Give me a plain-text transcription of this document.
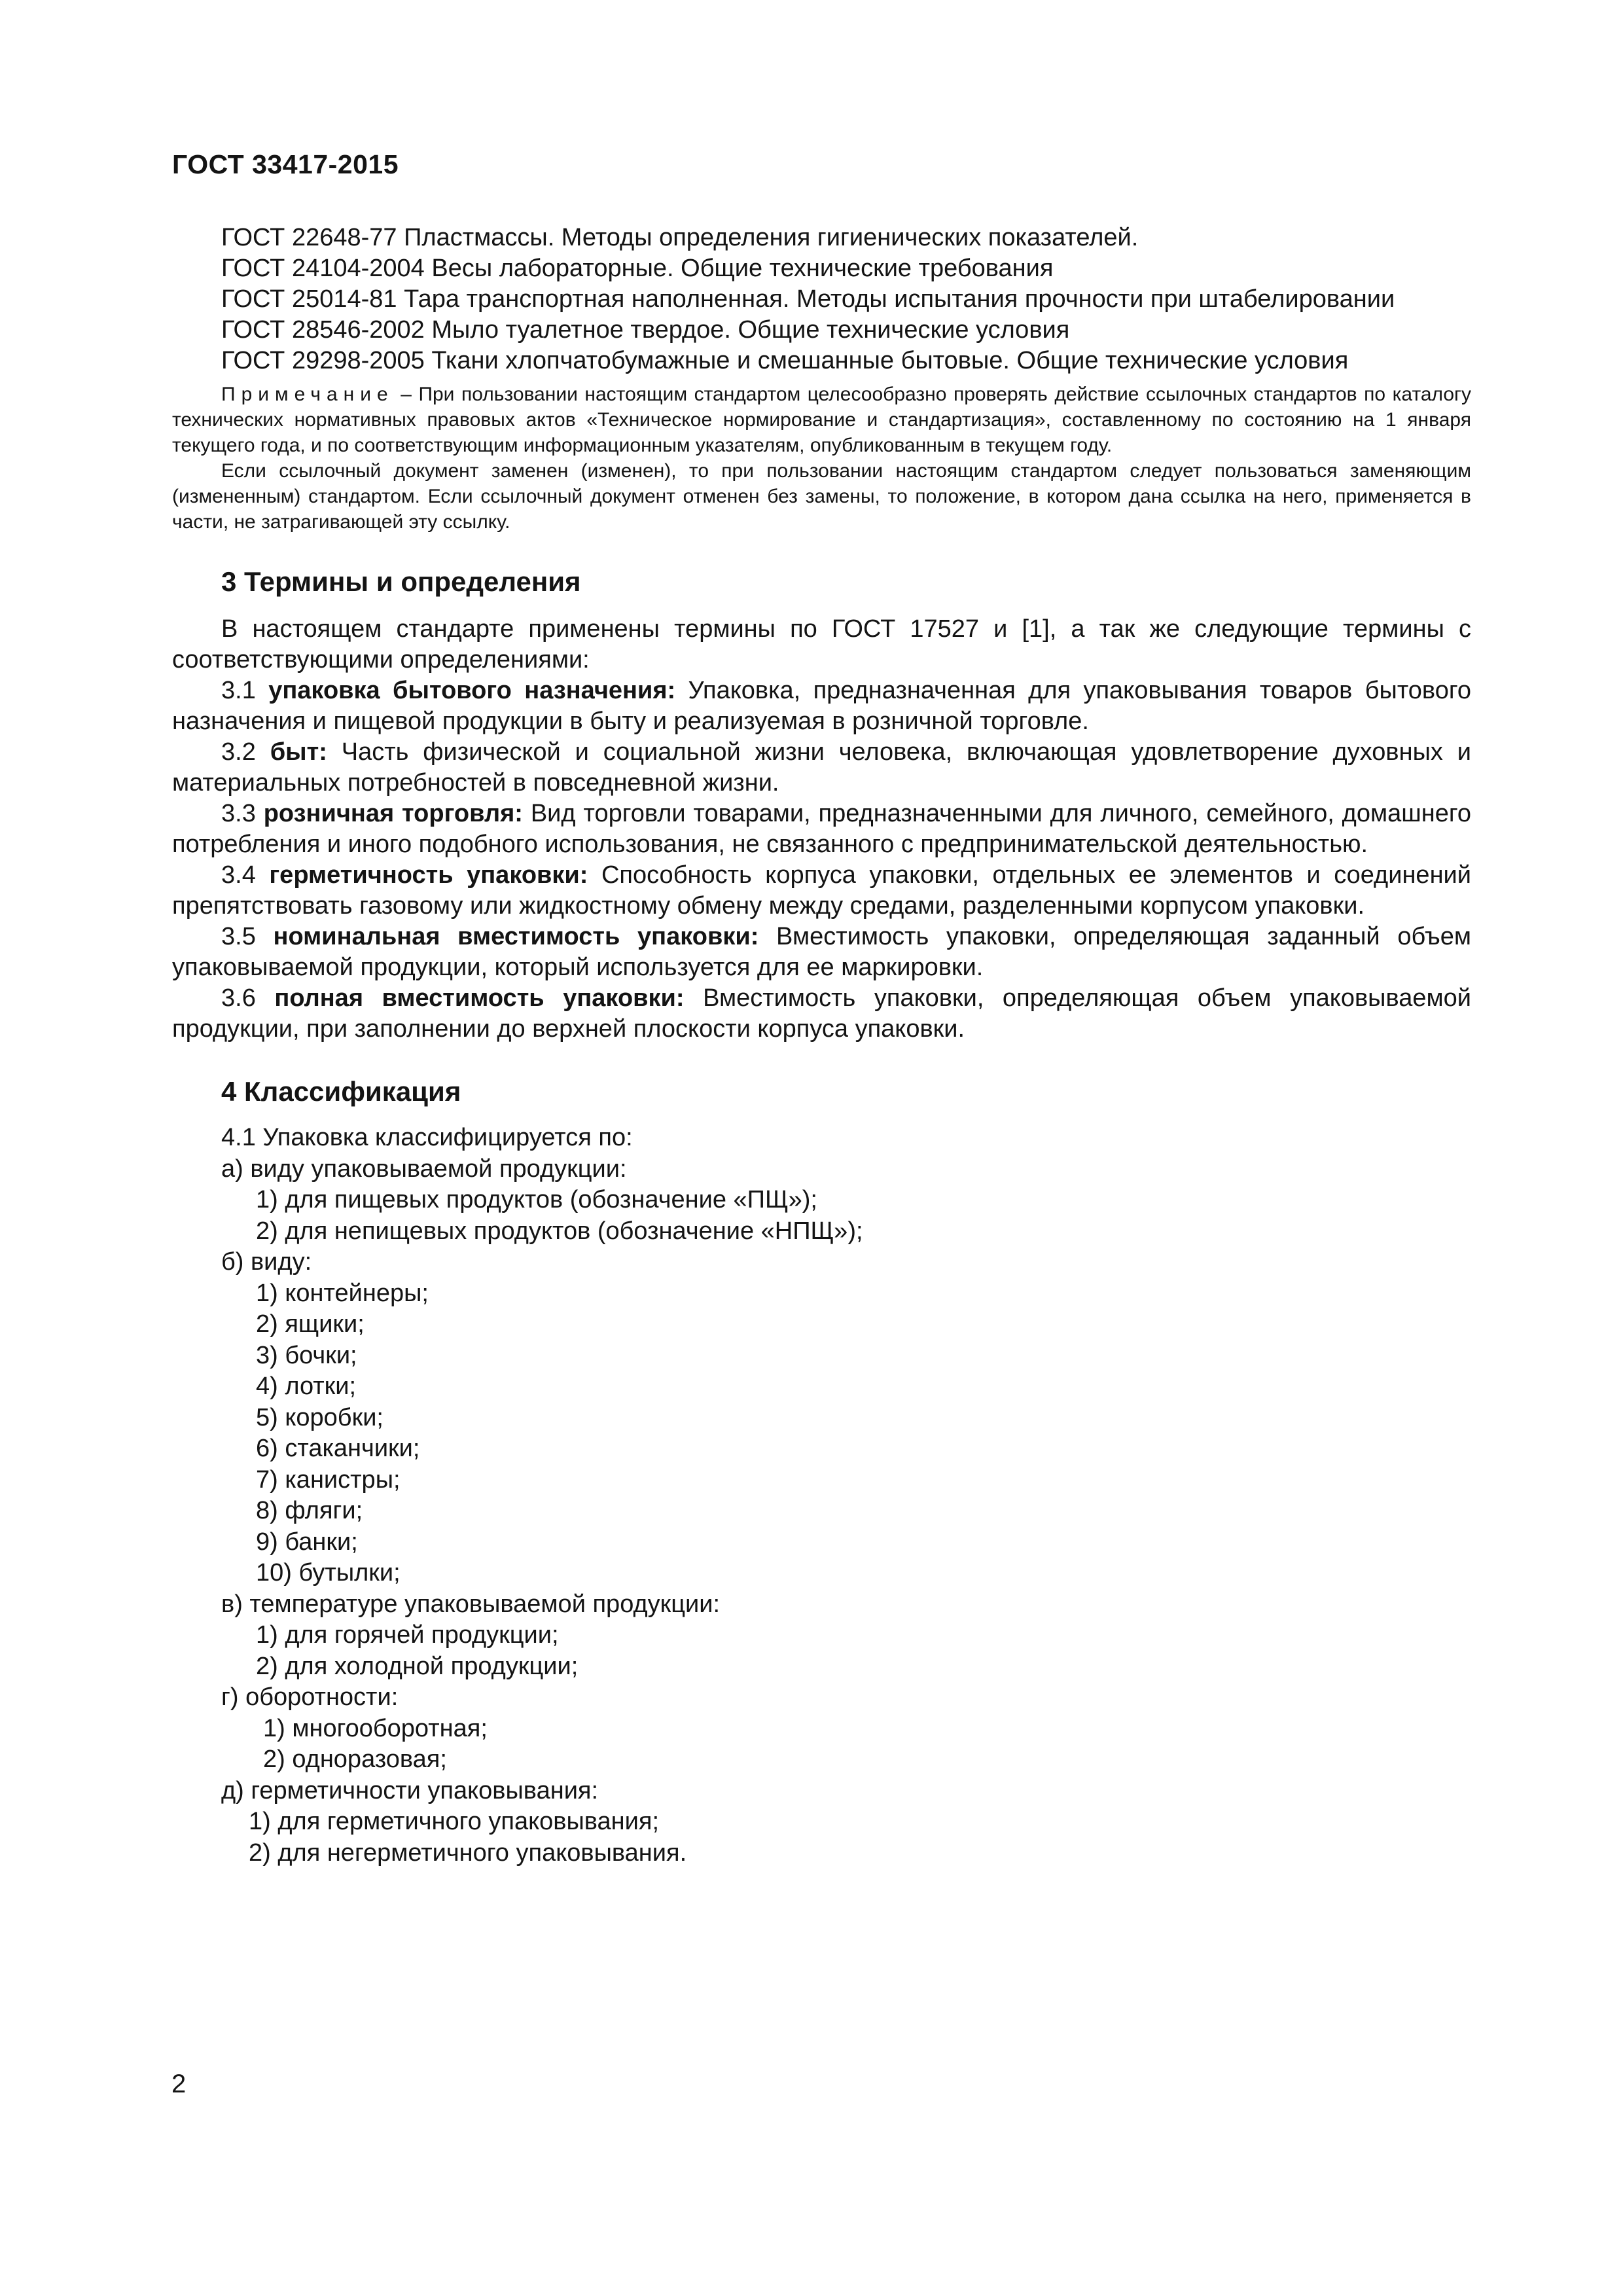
ГОСТ 33417-2015
ГОСТ 22648-77 Пластмассы. Методы определения гигиенических показателей.
ГОСТ 24104-2004 Весы лабораторные. Общие технические требования
ГОСТ 25014-81 Тара транспортная наполненная. Методы испытания прочности при штабелировании
ГОСТ 28546-2002 Мыло туалетное твердое. Общие технические условия
ГОСТ 29298-2005 Ткани хлопчатобумажные и смешанные бытовые. Общие технические условия

Примечание – При пользовании настоящим стандартом целесообразно проверять действие ссылочных стандартов по каталогу технических нормативных правовых актов «Техническое нормирование и стандартизация», составленному по состоянию на 1 января текущего года, и по соответствующим информационным указателям, опубликованным в текущем году.

Если ссылочный документ заменен (изменен), то при пользовании настоящим стандартом следует пользоваться заменяющим (измененным) стандартом. Если ссылочный документ отменен без замены, то положение, в котором дана ссылка на него, применяется в части, не затрагивающей эту ссылку.

3 Термины и определения

В настоящем стандарте применены термины по ГОСТ 17527 и [1], а так же следующие термины с соответствующими определениями:

3.1 упаковка бытового назначения: Упаковка, предназначенная для упаковывания товаров бытового назначения и пищевой продукции в быту и реализуемая в розничной торговле.

3.2 быт: Часть физической и социальной жизни человека, включающая удовлетворение духовных и материальных потребностей в повседневной жизни.

3.3 розничная торговля: Вид торговли товарами, предназначенными для личного, семейного, домашнего потребления и иного подобного использования, не связанного с предпринимательской деятельностью.

3.4 герметичность упаковки: Способность корпуса упаковки, отдельных ее элементов и соединений препятствовать газовому или жидкостному обмену между средами, разделенными корпусом упаковки.

3.5 номинальная вместимость упаковки: Вместимость упаковки, определяющая заданный объем упаковываемой продукции, который используется для ее маркировки.

3.6 полная вместимость упаковки: Вместимость упаковки, определяющая объем упаковываемой продукции, при заполнении до верхней плоскости корпуса упаковки.

4 Классификация
4.1 Упаковка классифицируется по:
а) виду упаковываемой продукции:
1) для пищевых продуктов (обозначение «ПЩ»);
2) для непищевых продуктов (обозначение «НПЩ»);
б) виду:
1) контейнеры;
2) ящики;
3) бочки;
4) лотки;
5) коробки;
6) стаканчики;
7) канистры;
8) фляги;
9) банки;
10) бутылки;
в) температуре упаковываемой продукции:
1) для горячей продукции;
2) для холодной продукции;
г) оборотности:
1) многооборотная;
2) одноразовая;
д) герметичности упаковывания:
1) для герметичного упаковывания;
2) для негерметичного упаковывания.
2
